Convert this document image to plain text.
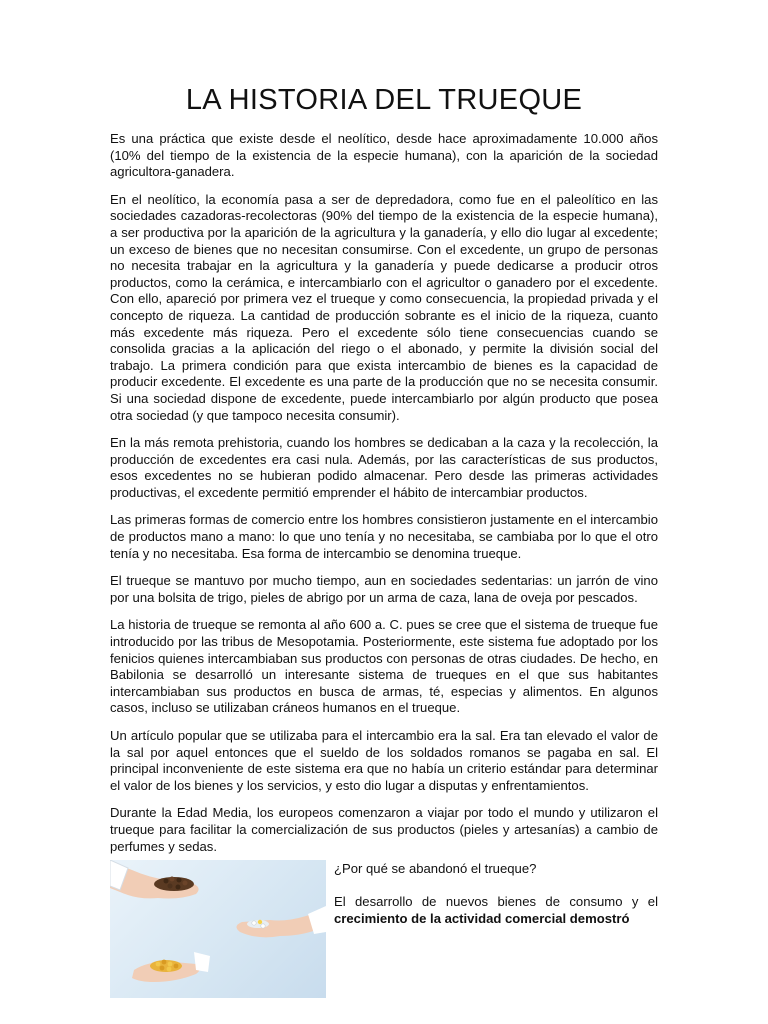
LA HISTORIA DEL TRUEQUE

Es una práctica que existe desde el neolítico, desde hace aproximadamente 10.000 años (10% del tiempo de la existencia de la especie humana), con la aparición de la sociedad agricultora-ganadera.

En el neolítico, la economía pasa a ser de depredadora, como fue en el paleolítico en las sociedades cazadoras-recolectoras (90% del tiempo de la existencia de la especie humana), a ser productiva por la aparición de la agricultura y la ganadería, y ello dio lugar al excedente; un exceso de bienes que no necesitan consumirse. Con el excedente, un grupo de personas no necesita trabajar en la agricultura y la ganadería y puede dedicarse a producir otros productos, como la cerámica, e intercambiarlo con el agricultor o ganadero por el excedente. Con ello, apareció por primera vez el trueque y como consecuencia, la propiedad privada y el concepto de riqueza. La cantidad de producción sobrante es el inicio de la riqueza, cuanto más excedente más riqueza. Pero el excedente sólo tiene consecuencias cuando se consolida gracias a la aplicación del riego o el abonado, y permite la división social del trabajo. La primera condición para que exista intercambio de bienes es la capacidad de producir excedente. El excedente es una parte de la producción que no se necesita consumir. Si una sociedad dispone de excedente, puede intercambiarlo por algún producto que posea otra sociedad (y que tampoco necesita consumir).

En la más remota prehistoria, cuando los hombres se dedicaban a la caza y la recolección, la producción de excedentes era casi nula. Además, por las características de sus productos, esos excedentes no se hubieran podido almacenar. Pero desde las primeras actividades productivas, el excedente permitió emprender el hábito de intercambiar productos.

Las primeras formas de comercio entre los hombres consistieron justamente en el intercambio de productos mano a mano: lo que uno tenía y no necesitaba, se cambiaba por lo que el otro tenía y no necesitaba. Esa forma de intercambio se denomina trueque.

El trueque se mantuvo por mucho tiempo, aun en sociedades sedentarias: un jarrón de vino por una bolsita de trigo, pieles de abrigo por un arma de caza, lana de oveja por pescados.

La historia de trueque se remonta al año 600 a. C. pues se cree que el sistema de trueque fue introducido por las tribus de Mesopotamia. Posteriormente, este sistema fue adoptado por los fenicios quienes intercambiaban sus productos con personas de otras ciudades. De hecho, en Babilonia se desarrolló un interesante sistema de trueques en el que sus habitantes intercambiaban sus productos en busca de armas, té, especias y alimentos. En algunos casos, incluso se utilizaban cráneos humanos en el trueque.

Un artículo popular que se utilizaba para el intercambio era la sal. Era tan elevado el valor de la sal por aquel entonces que el sueldo de los soldados romanos se pagaba en sal. El principal inconveniente de este sistema era que no había un criterio estándar para determinar el valor de los bienes y los servicios, y esto dio lugar a disputas y enfrentamientos.

Durante la Edad Media, los europeos comenzaron a viajar por todo el mundo y utilizaron el trueque para facilitar la comercialización de sus productos (pieles y artesanías) a cambio de perfumes y sedas.

¿Por qué se abandonó el trueque?

El desarrollo de nuevos bienes de consumo y el crecimiento de la actividad comercial demostró
